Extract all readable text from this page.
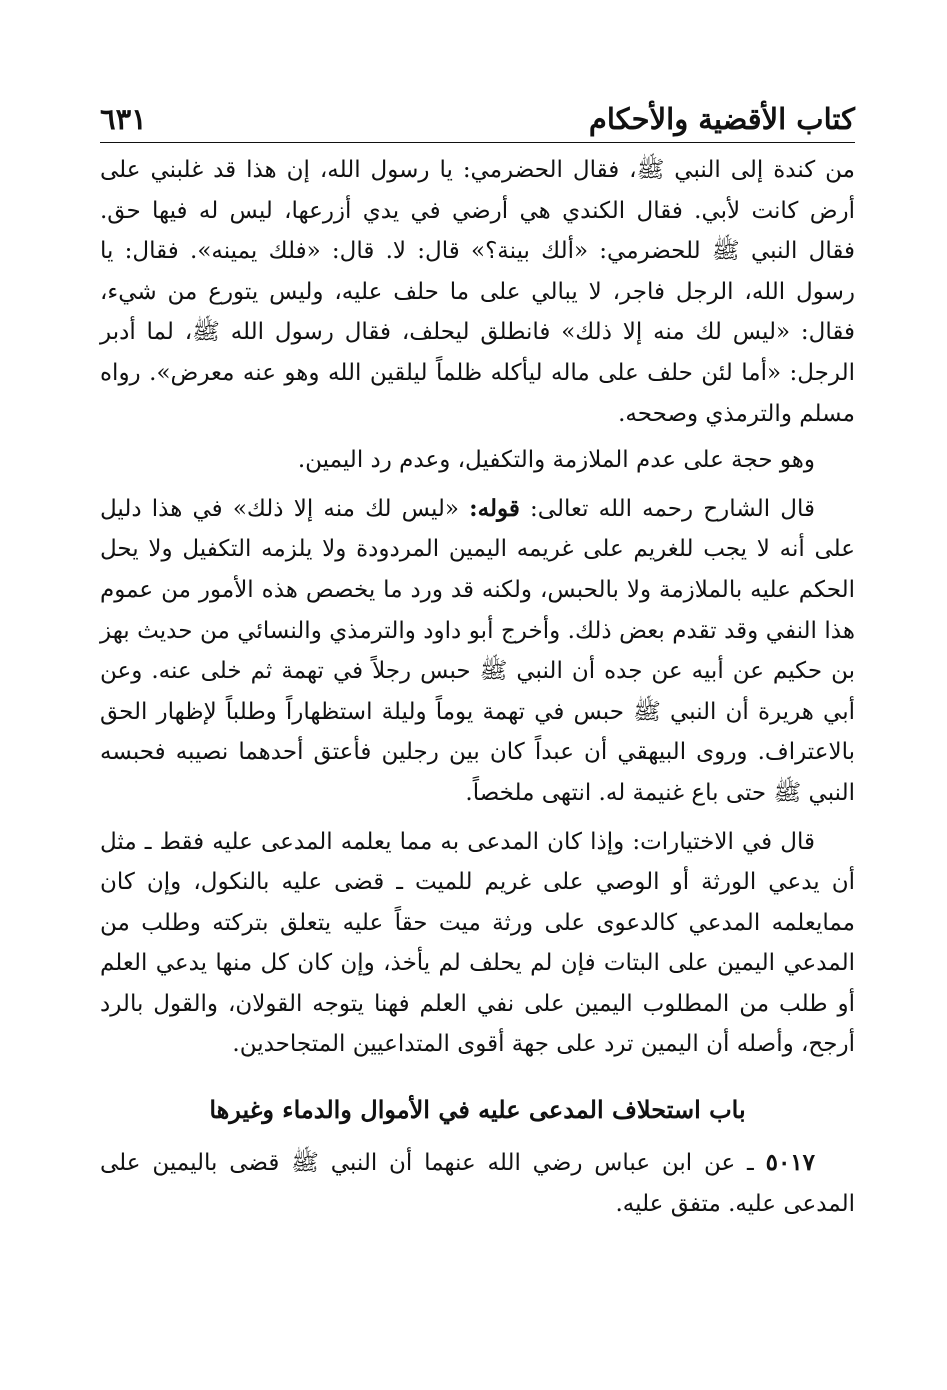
كتاب الأقضية والأحكام
٦٣١

من كندة إلى النبي ﷺ، فقال الحضرمي: يا رسول الله، إن هذا قد غلبني على أرض كانت لأبي. فقال الكندي هي أرضي في يدي أزرعها، ليس له فيها حق. فقال النبي ﷺ للحضرمي: «ألك بينة؟» قال: لا. قال: «فلك يمينه». فقال: يا رسول الله، الرجل فاجر، لا يبالي على ما حلف عليه، وليس يتورع من شيء، فقال: «ليس لك منه إلا ذلك» فانطلق ليحلف، فقال رسول الله ﷺ، لما أدبر الرجل: «أما لئن حلف على ماله ليأكله ظلماً ليلقين الله وهو عنه معرض». رواه مسلم والترمذي وصححه.

وهو حجة على عدم الملازمة والتكفيل، وعدم رد اليمين.

قال الشارح رحمه الله تعالى: قوله: «ليس لك منه إلا ذلك» في هذا دليل على أنه لا يجب للغريم على غريمه اليمين المردودة ولا يلزمه التكفيل ولا يحل الحكم عليه بالملازمة ولا بالحبس، ولكنه قد ورد ما يخصص هذه الأمور من عموم هذا النفي وقد تقدم بعض ذلك. وأخرج أبو داود والترمذي والنسائي من حديث بهز بن حكيم عن أبيه عن جده أن النبي ﷺ حبس رجلاً في تهمة ثم خلى عنه. وعن أبي هريرة أن النبي ﷺ حبس في تهمة يوماً وليلة استظهاراً وطلباً لإظهار الحق بالاعتراف. وروى البيهقي أن عبداً كان بين رجلين فأعتق أحدهما نصيبه فحبسه النبي ﷺ حتى باع غنيمة له. انتهى ملخصاً.

قال في الاختيارات: وإذا كان المدعى به مما يعلمه المدعى عليه فقط ـ مثل أن يدعي الورثة أو الوصي على غريم للميت ـ قضى عليه بالنكول، وإن كان ممايعلمه المدعي كالدعوى على ورثة ميت حقاً عليه يتعلق بتركته وطلب من المدعي اليمين على البتات فإن لم يحلف لم يأخذ، وإن كان كل منها يدعي العلم أو طلب من المطلوب اليمين على نفي العلم فهنا يتوجه القولان، والقول بالرد أرجح، وأصله أن اليمين ترد على جهة أقوى المتداعيين المتجاحدين.

باب استحلاف المدعى عليه في الأموال والدماء وغيرها

٥٠١٧ ـ عن ابن عباس رضي الله عنهما أن النبي ﷺ قضى باليمين على المدعى عليه. متفق عليه.
